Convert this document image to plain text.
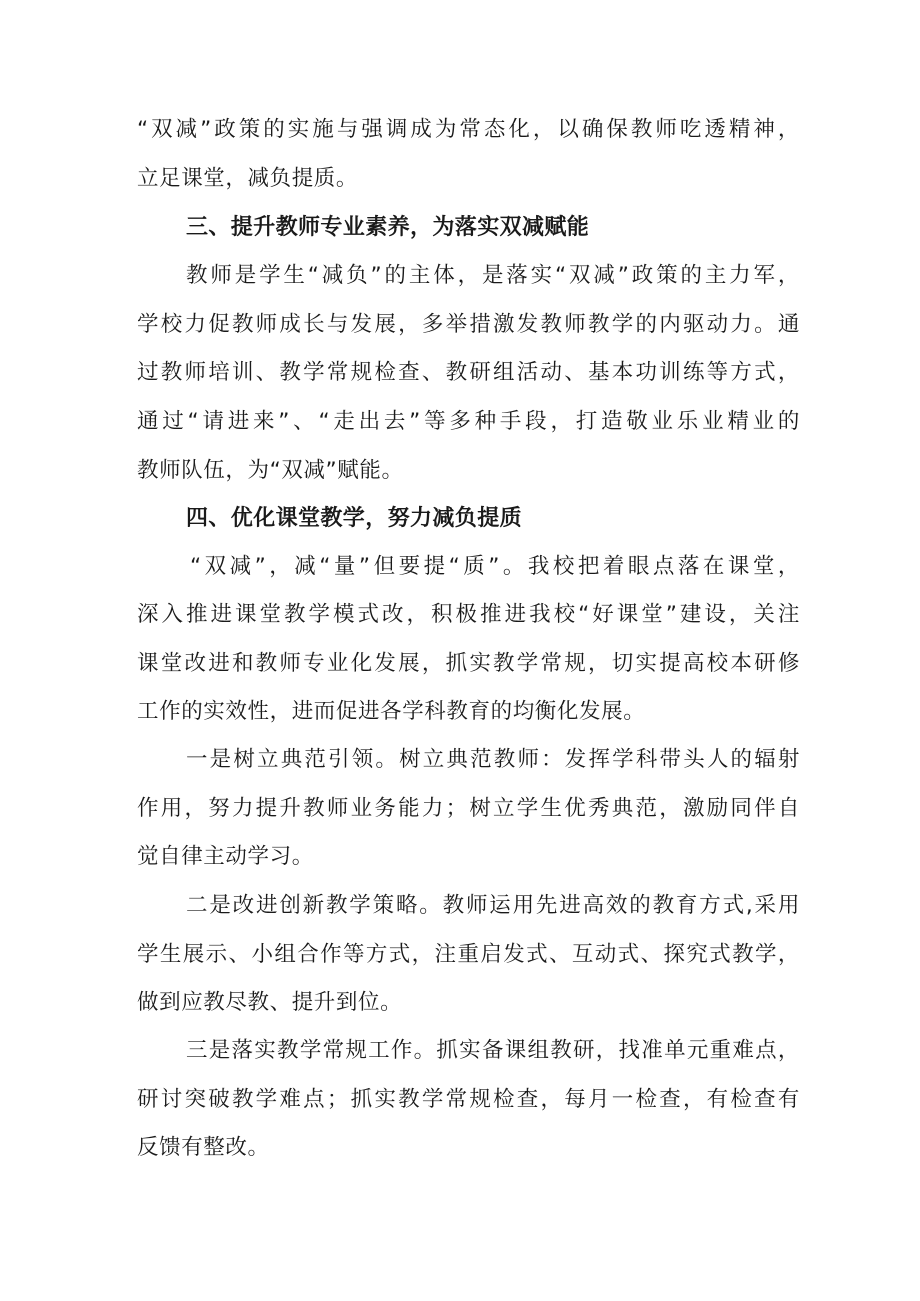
“双减”政策的实施与强调成为常态化，以确保教师吃透精神，

立足课堂，减负提质。

三、提升教师专业素养，为落实双减赋能

教师是学生“减负”的主体，是落实“双减”政策的主力军，

学校力促教师成长与发展，多举措激发教师教学的内驱动力。通

过教师培训、教学常规检查、教研组活动、基本功训练等方式，

通过“请进来”、“走出去”等多种手段，打造敬业乐业精业的

教师队伍，为“双减”赋能。

四、优化课堂教学，努力减负提质

“双减”，减“量”但要提“质”。我校把着眼点落在课堂，

深入推进课堂教学模式改，积极推进我校“好课堂”建设，关注

课堂改进和教师专业化发展，抓实教学常规，切实提高校本研修

工作的实效性，进而促进各学科教育的均衡化发展。

一是树立典范引领。树立典范教师：发挥学科带头人的辐射

作用，努力提升教师业务能力；树立学生优秀典范，激励同伴自

觉自律主动学习。

二是改进创新教学策略。教师运用先进高效的教育方式,采用

学生展示、小组合作等方式，注重启发式、互动式、探究式教学，

做到应教尽教、提升到位。

三是落实教学常规工作。抓实备课组教研，找准单元重难点，

研讨突破教学难点；抓实教学常规检查，每月一检查，有检查有

反馈有整改。
